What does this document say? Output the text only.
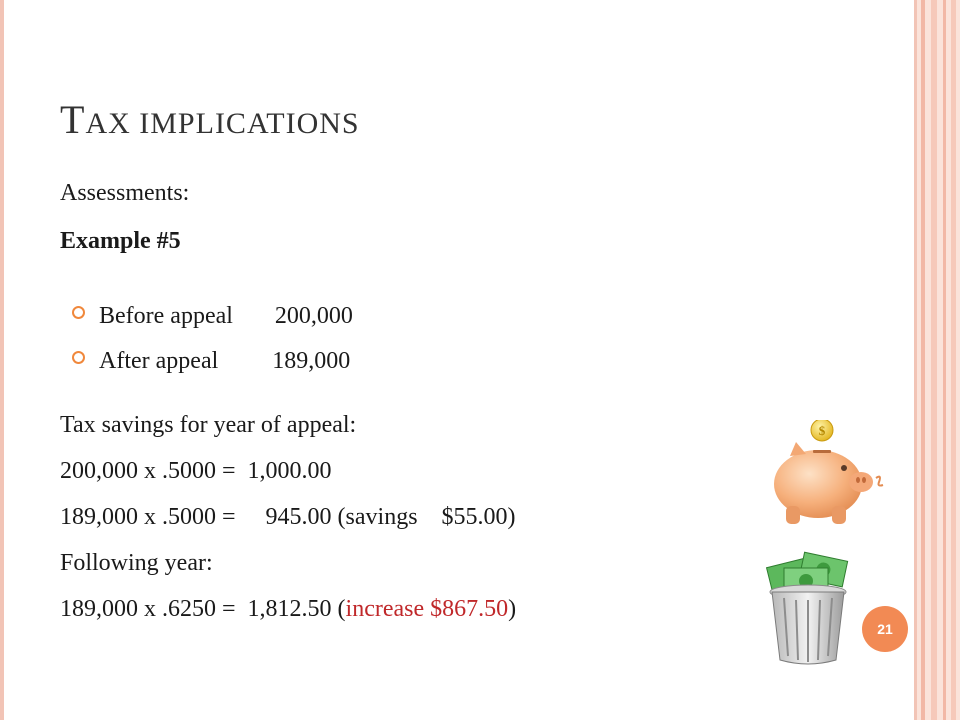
TAX IMPLICATIONS
Assessments:
Example #5

Before appeal       200,000

After appeal         189,000

Tax savings for year of appeal:
200,000 x .5000 =  1,000.00
189,000 x .5000 =     945.00 (savings    $55.00)
Following year:
189,000 x .6250 =  1,812.50 (increase $867.50)
$
21
